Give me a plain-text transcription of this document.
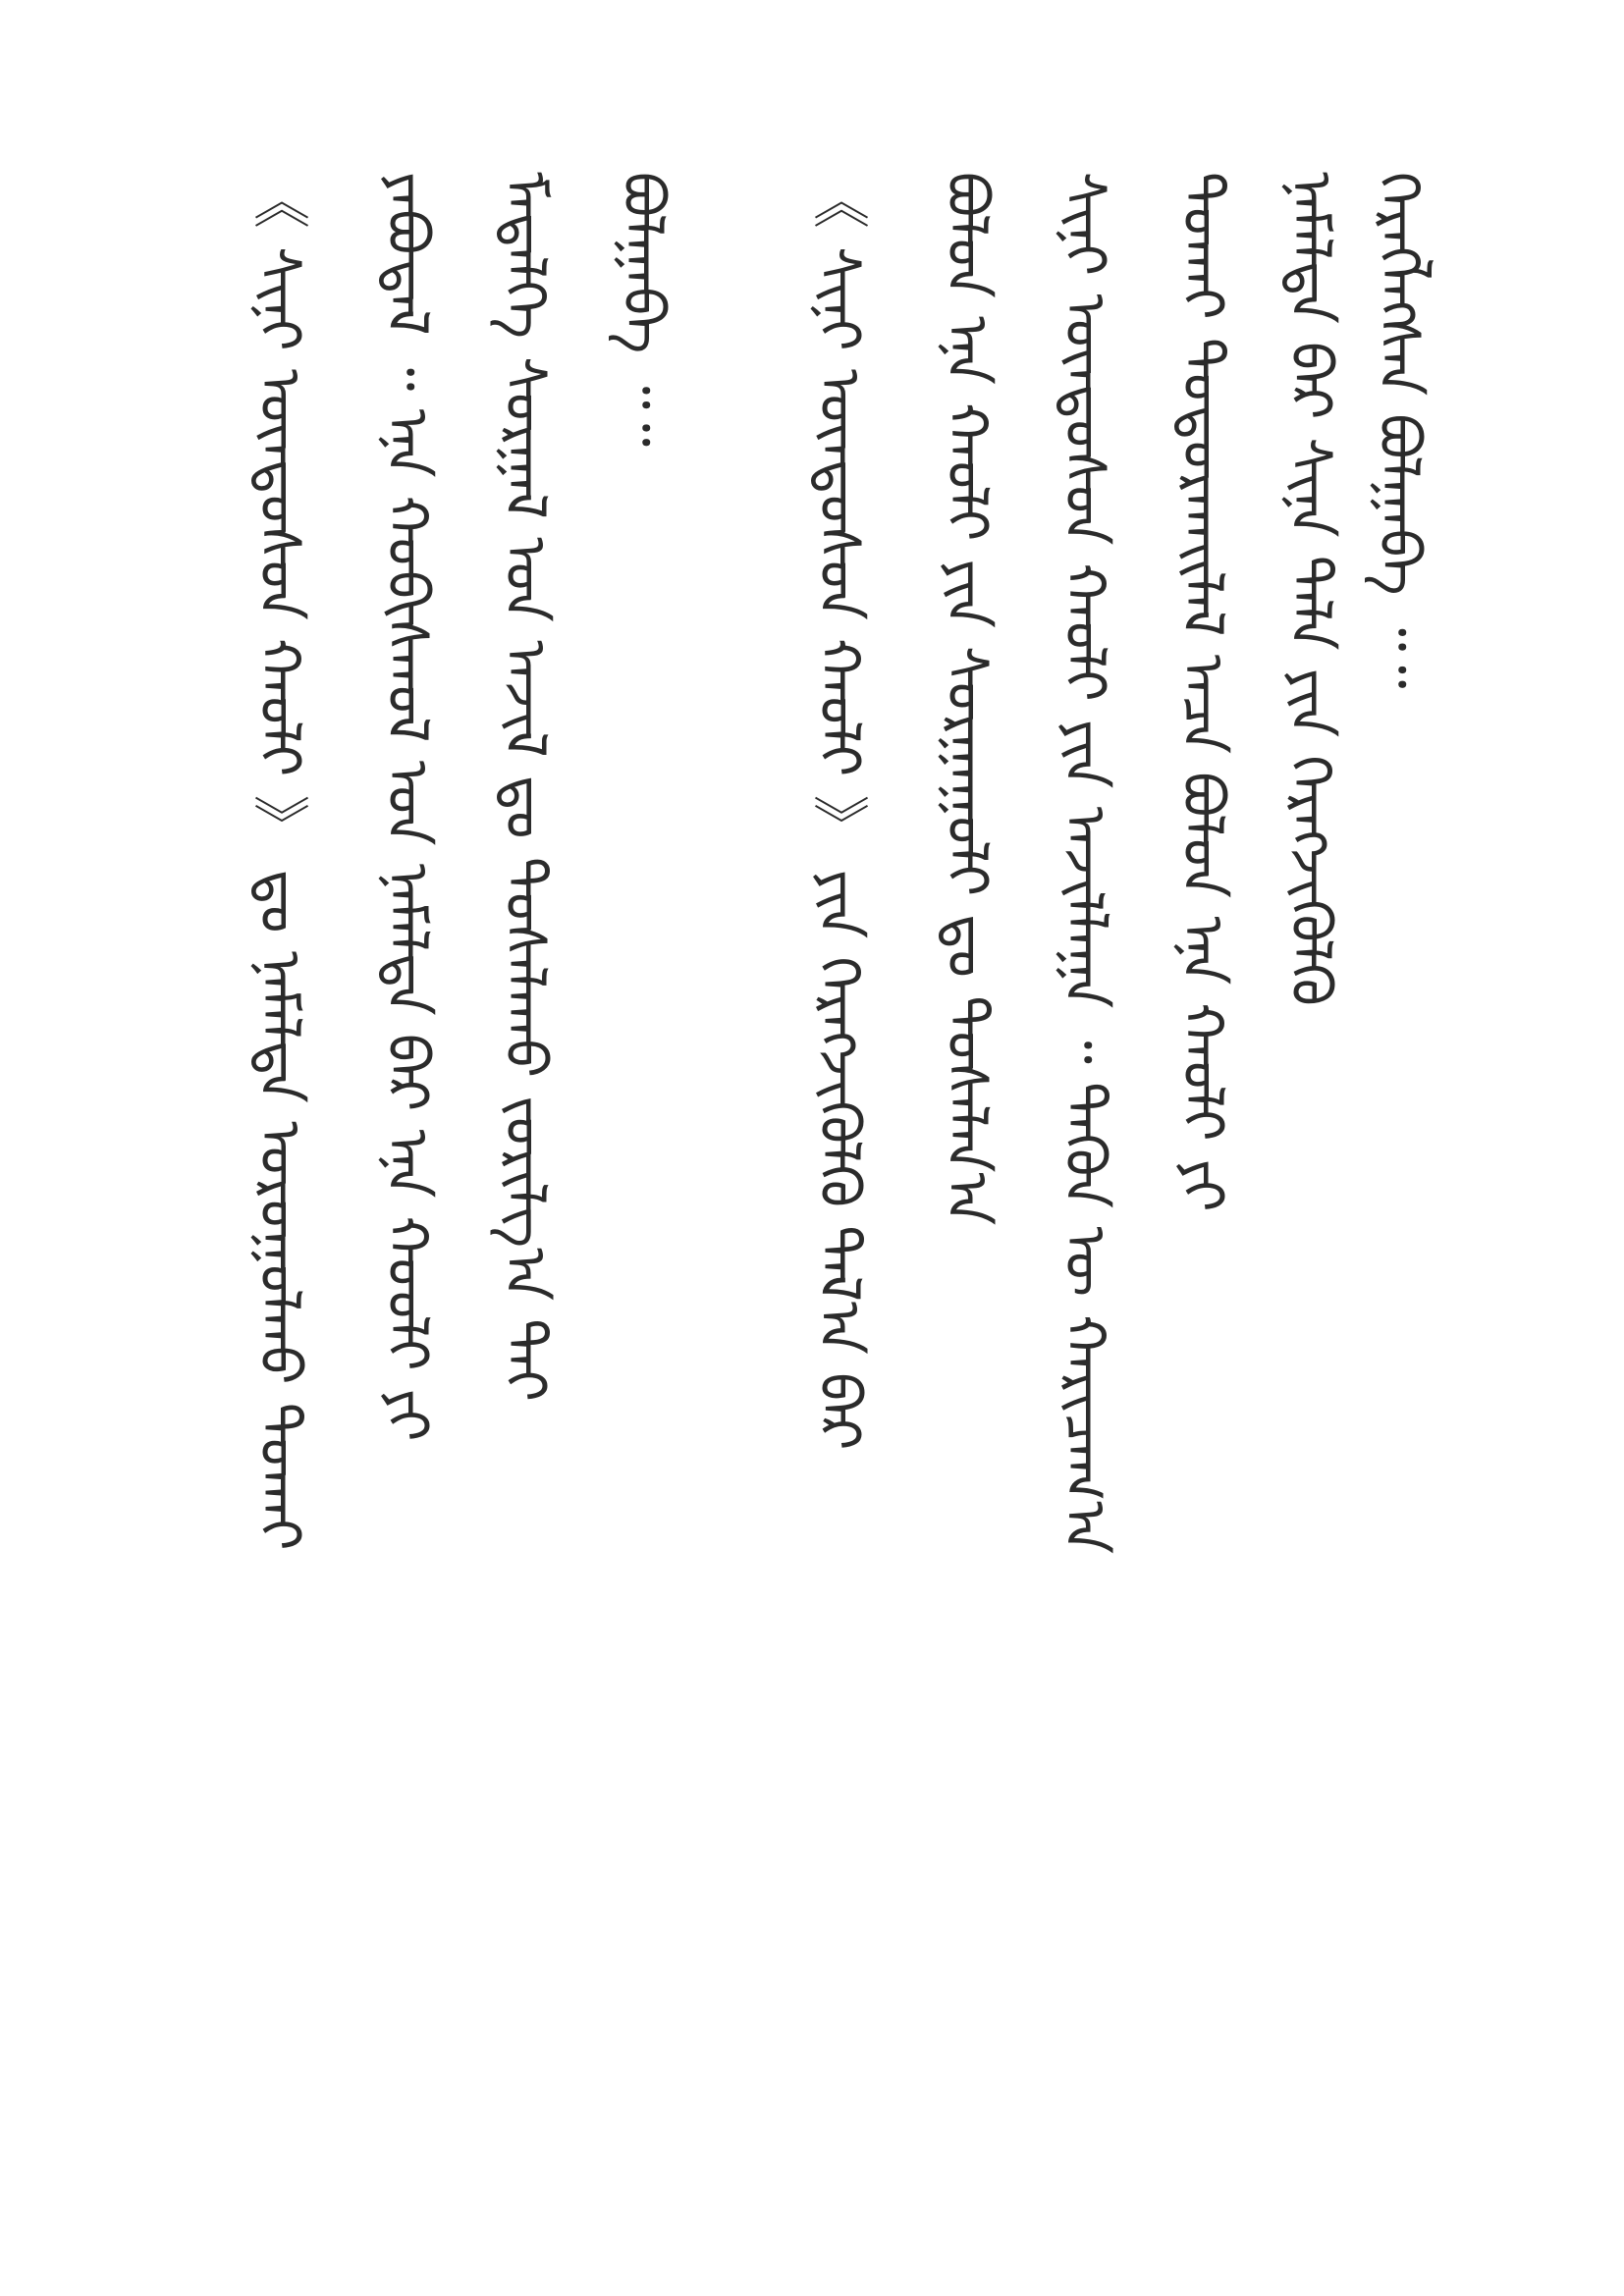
《 ᠰᠢᠨᠢ ᠦᠨᠳᠦᠰᠦᠨ ᠬᠠᠤᠯᠢ 》 ᠳᠤ ᠨᠡᠮᠡᠯᠲᠡ ᠣᠷᠣᠭᠤᠯᠬᠤ ᠲᠤᠬᠠᠢ ᠶᠠᠪᠤᠳᠠᠯ ᠃ ᠡᠨᠡ ᠬᠤᠪᠢᠰᠬᠤᠯ ᠤᠨ ᠨᠡᠮᠡᠯᠲᠡ ᠪᠡᠷ ᠡᠨᠡ ᠬᠤᠤᠯᠢ ᠶᠢ ᠮᠡᠳᠡᠯᠭᠡ ᠰᠤᠷᠭᠠᠯ ᠤᠨ ᠠᠵᠢᠯ ᠳᠤ ᠲᠤᠰᠠᠯᠠᠬᠤ ᠵᠣᠷᠢᠯᠭ᠎ᠠ ᠲᠠᠢ ᠪᠣᠯᠭᠠᠪᠠ ᠃᠃ 《 ᠰᠢᠨᠢ ᠦᠨᠳᠦᠰᠦᠨ ᠬᠠᠤᠯᠢ 》 ᠶᠢᠨ ᠬᠡᠷᠡᠭᠵᠢᠭᠦᠯᠬᠦ ᠲᠠᠯ᠎ᠠ ᠪᠠᠷ ᠪᠣᠯᠤᠨ ᠡᠨᠡ ᠬᠠᠤᠯᠢ ᠶᠢᠨ ᠰᠤᠷᠭᠠᠭᠤᠯᠢ ᠳᠤ ᠲᠤᠰᠠᠯᠠᠨ᠎ᠠ ᠰᠢᠨᠢ ᠦᠨᠳᠦᠰᠦᠨ ᠬᠠᠤᠯᠢ ᠶᠢᠨ ᠠᠵᠢᠯᠯᠠᠭᠠ ᠃ ᠲᠡᠭᠦᠨ ᠦ ᠬᠠᠷᠢᠴᠠᠭ᠎ᠠ ᠲᠤᠬᠠᠢ ᠲᠣᠳᠣᠷᠬᠠᠢᠯᠠᠯ ᠠᠴᠠ ᠪᠣᠯᠤᠨ ᠡᠨᠡ ᠬᠠᠤᠯᠢ ᠶᠢ ᠨᠡᠮᠡᠯᠲᠡ ᠪᠡᠷ ᠰᠢᠨᠡ ᠲᠡᠯᠡ ᠶᠢᠨ ᠬᠡᠷᠡᠭᠵᠢᠭᠦᠯᠬᠦ ᠬᠡᠷᠡᠭᠯᠡᠭᠰᠡᠨ ᠪᠣᠯᠭᠠᠪᠠ ᠃᠃
